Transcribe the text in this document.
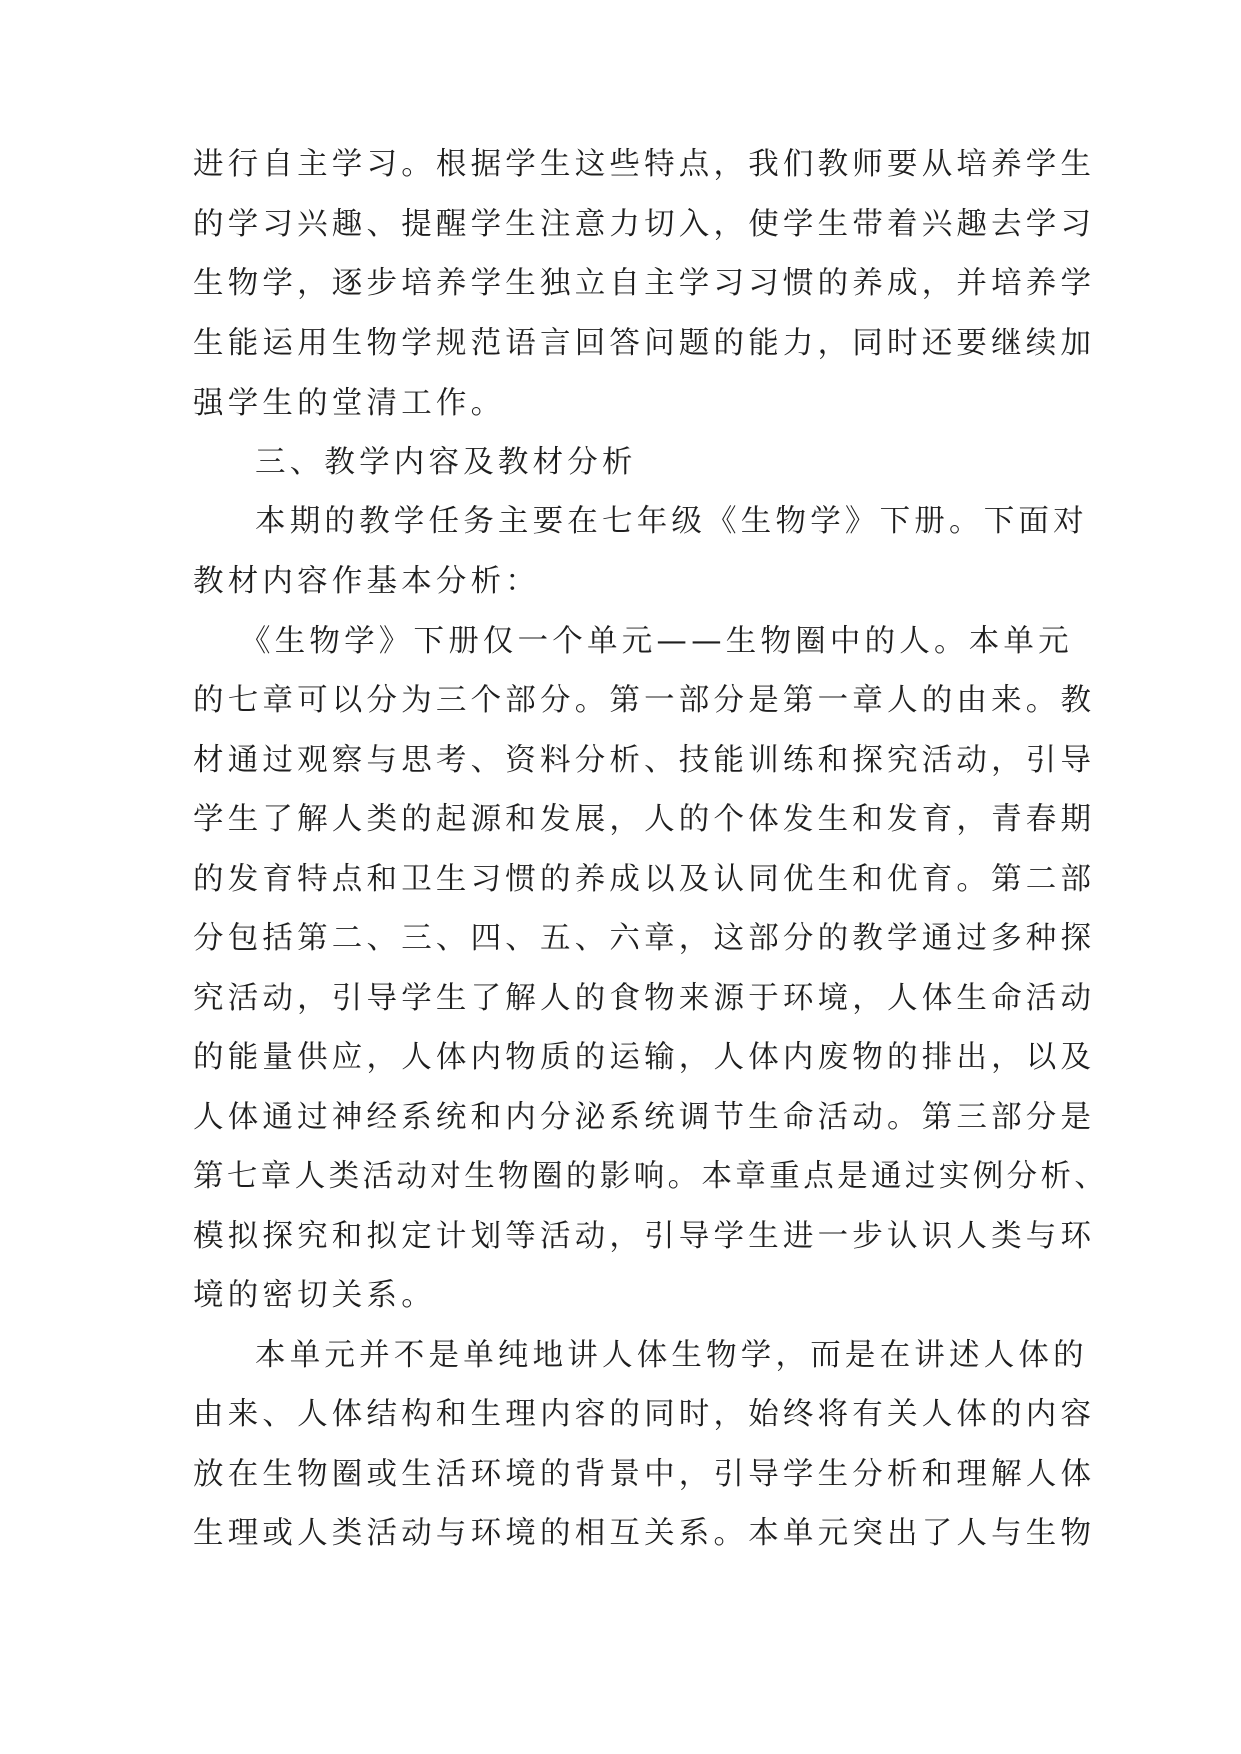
进行自主学习。根据学生这些特点，我们教师要从培养学生
的学习兴趣、提醒学生注意力切入，使学生带着兴趣去学习
生物学，逐步培养学生独立自主学习习惯的养成，并培养学
生能运用生物学规范语言回答问题的能力，同时还要继续加
强学生的堂清工作。
三、教学内容及教材分析
本期的教学任务主要在七年级《生物学》下册。下面对
教材内容作基本分析：
《生物学》下册仅一个单元——生物圈中的人。本单元
的七章可以分为三个部分。第一部分是第一章人的由来。教
材通过观察与思考、资料分析、技能训练和探究活动，引导
学生了解人类的起源和发展，人的个体发生和发育，青春期
的发育特点和卫生习惯的养成以及认同优生和优育。第二部
分包括第二、三、四、五、六章，这部分的教学通过多种探
究活动，引导学生了解人的食物来源于环境，人体生命活动
的能量供应，人体内物质的运输，人体内废物的排出，以及
人体通过神经系统和内分泌系统调节生命活动。第三部分是
第七章人类活动对生物圈的影响。本章重点是通过实例分析、
模拟探究和拟定计划等活动，引导学生进一步认识人类与环
境的密切关系。
本单元并不是单纯地讲人体生物学，而是在讲述人体的
由来、人体结构和生理内容的同时，始终将有关人体的内容
放在生物圈或生活环境的背景中，引导学生分析和理解人体
生理或人类活动与环境的相互关系。本单元突出了人与生物
